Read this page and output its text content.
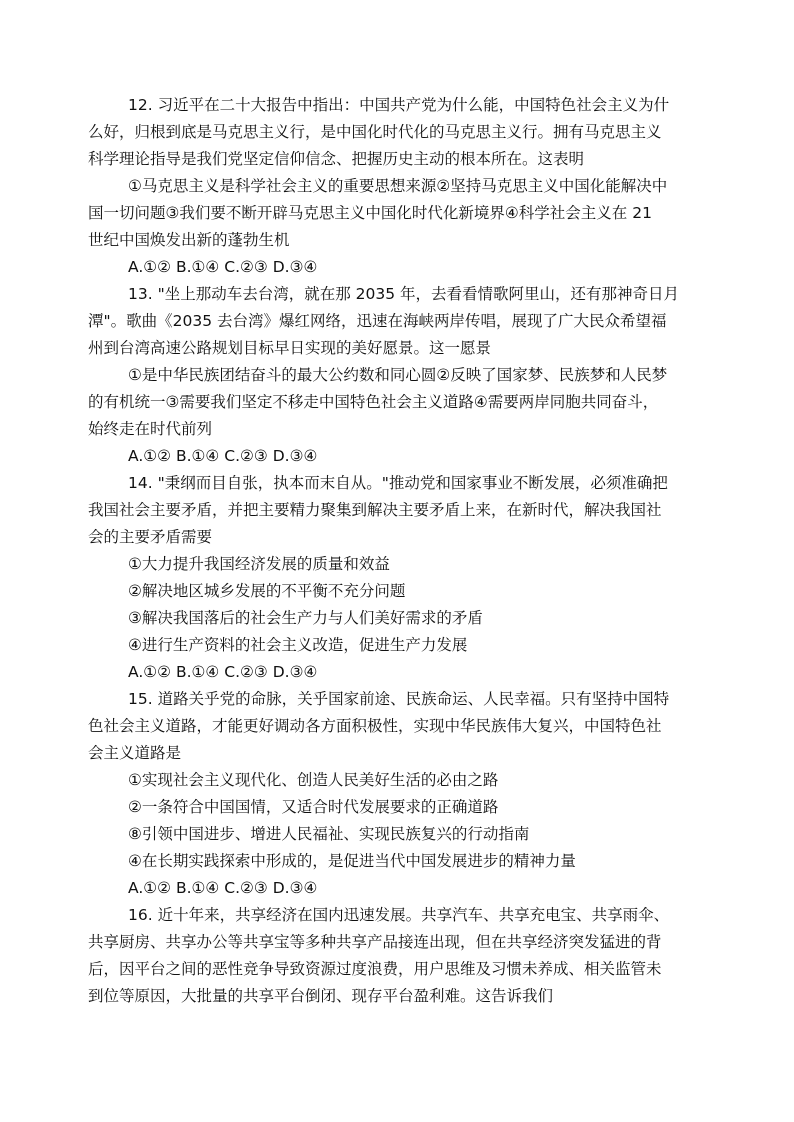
12. 习近平在二十大报告中指出：中国共产党为什么能，中国特色社会主义为什
么好，归根到底是马克思主义行，是中国化时代化的马克思主义行。拥有马克思主义
科学理论指导是我们党坚定信仰信念、把握历史主动的根本所在。这表明
①马克思主义是科学社会主义的重要思想来源②坚持马克思主义中国化能解决中
国一切问题③我们要不断开辟马克思主义中国化时代化新境界④科学社会主义在 21
世纪中国焕发出新的蓬勃生机
A.①② B.①④ C.②③ D.③④
13. "坐上那动车去台湾，就在那 2035 年，去看看情歌阿里山，还有那神奇日月
潭"。歌曲《2035 去台湾》爆红网络，迅速在海峡两岸传唱，展现了广大民众希望福
州到台湾高速公路规划目标早日实现的美好愿景。这一愿景
①是中华民族团结奋斗的最大公约数和同心圆②反映了国家梦、民族梦和人民梦
的有机统一③需要我们坚定不移走中国特色社会主义道路④需要两岸同胞共同奋斗，
始终走在时代前列
A.①② B.①④ C.②③ D.③④
14. "秉纲而目自张，执本而末自从。"推动党和国家事业不断发展，必须准确把
我国社会主要矛盾，并把主要精力聚集到解决主要矛盾上来，在新时代，解决我国社
会的主要矛盾需要
①大力提升我国经济发展的质量和效益
②解决地区城乡发展的不平衡不充分问题
③解决我国落后的社会生产力与人们美好需求的矛盾
④进行生产资料的社会主义改造，促进生产力发展
A.①② B.①④ C.②③ D.③④
15. 道路关乎党的命脉，关乎国家前途、民族命运、人民幸福。只有坚持中国特
色社会主义道路，才能更好调动各方面积极性，实现中华民族伟大复兴，中国特色社
会主义道路是
①实现社会主义现代化、创造人民美好生活的必由之路
②一条符合中国国情，又适合时代发展要求的正确道路
⑧引领中国进步、增进人民福祉、实现民族复兴的行动指南
④在长期实践探索中形成的，是促进当代中国发展进步的精神力量
A.①② B.①④ C.②③ D.③④
16. 近十年来，共享经济在国内迅速发展。共享汽车、共享充电宝、共享雨伞、
共享厨房、共享办公等共享宝等多种共享产品接连出现，但在共享经济突发猛进的背
后，因平台之间的恶性竞争导致资源过度浪费，用户思维及习惯未养成、相关监管未
到位等原因，大批量的共享平台倒闭、现存平台盈利难。这告诉我们
